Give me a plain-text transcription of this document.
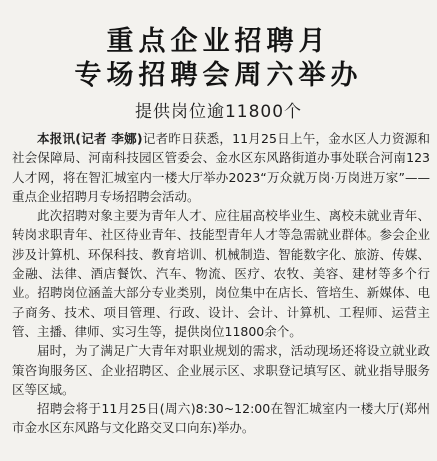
重点企业招聘月
专场招聘会周六举办
提供岗位逾11800个

本报讯(记者 李娜)记者昨日获悉，11月25日上午，金水区人力资源和社会保障局、河南科技园区管委会、金水区东风路街道办事处联合河南123人才网，将在智汇城室内一楼大厅举办2023“万众就万岗·万岗进万家”——重点企业招聘月专场招聘会活动。

此次招聘对象主要为青年人才、应往届高校毕业生、离校未就业青年、转岗求职青年、社区待业青年、技能型青年人才等急需就业群体。参会企业涉及计算机、环保科技、教育培训、机械制造、智能数字化、旅游、传媒、金融、法律、酒店餐饮、汽车、物流、医疗、农牧、美容、建材等多个行业。招聘岗位涵盖大部分专业类别，岗位集中在店长、管培生、新媒体、电子商务、技术、项目管理、行政、设计、会计、计算机、工程师、运营主管、主播、律师、实习生等，提供岗位11800余个。

届时，为了满足广大青年对职业规划的需求，活动现场还将设立就业政策咨询服务区、企业招聘区、企业展示区、求职登记填写区、就业指导服务区等区域。

招聘会将于11月25日(周六)8:30~12:00在智汇城室内一楼大厅(郑州市金水区东风路与文化路交叉口向东)举办。
